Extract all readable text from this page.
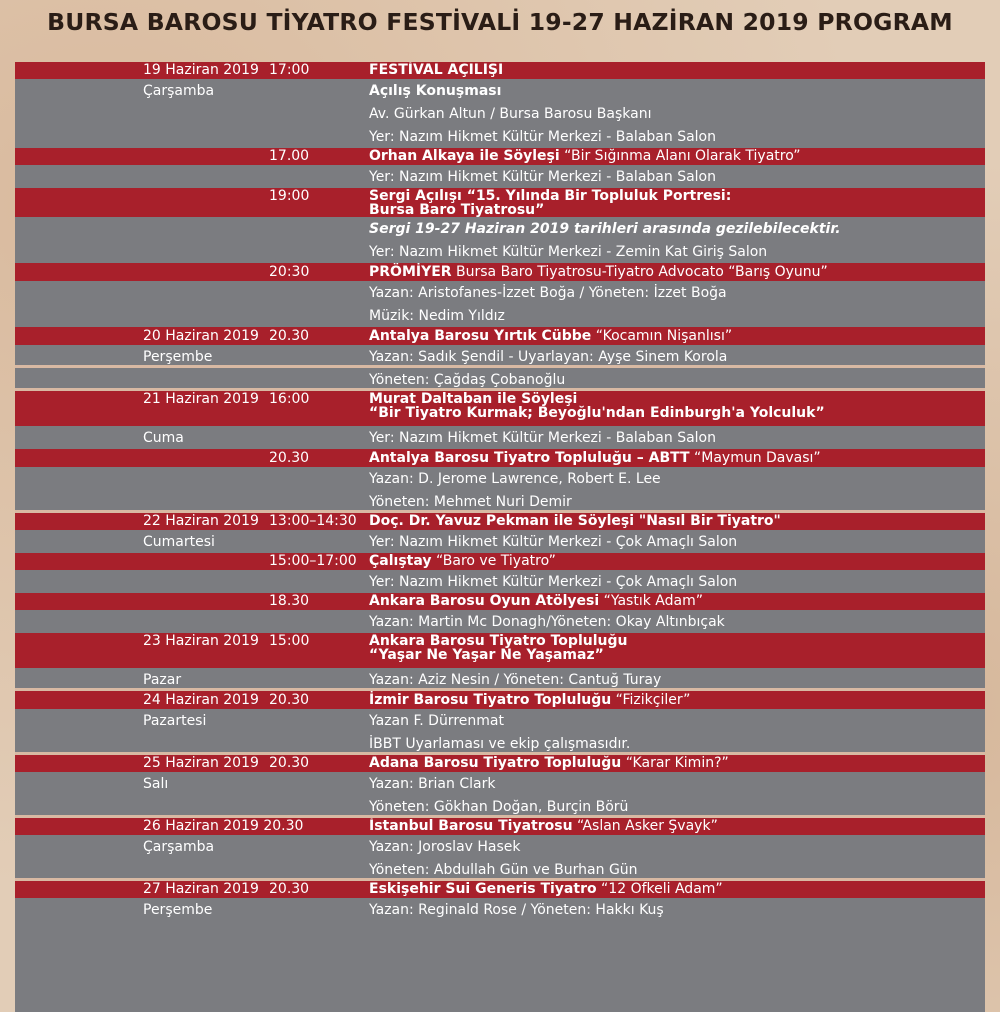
BURSA BAROSU TİYATRO FESTİVALİ 19-27 HAZİRAN 2019 PROGRAM
19 Haziran 2019 17:00	FESTİVAL AÇILIŞI
Çarşamba	Açılış Konuşması
Av. Gürkan Altun / Bursa Barosu Başkanı
Yer: Nazım Hikmet Kültür Merkezi - Balaban Salon
17.00	Orhan Alkaya ile Söyleşi “Bir Sığınma Alanı Olarak Tiyatro”
Yer: Nazım Hikmet Kültür Merkezi - Balaban Salon
19:00	Sergi Açılışı “15. Yılında Bir Topluluk Portresi:
Bursa Baro Tiyatrosu”
Sergi 19-27 Haziran 2019 tarihleri arasında gezilebilecektir.
Yer: Nazım Hikmet Kültür Merkezi - Zemin Kat Giriş Salon
20:30	PRÖMİYER Bursa Baro Tiyatrosu-Tiyatro Advocato “Barış Oyunu”
Yazan: Aristofanes-İzzet Boğa / Yöneten: İzzet Boğa
Müzik: Nedim Yıldız
20 Haziran 2019 20.30	Antalya Barosu Yırtık Cübbe “Kocamın Nişanlısı”
Perşembe	Yazan: Sadık Şendil - Uyarlayan: Ayşe Sinem Korola
Yöneten: Çağdaş Çobanoğlu
21 Haziran 2019 16:00	Murat Daltaban ile Söyleşi
“Bir Tiyatro Kurmak; Beyoğlu'ndan Edinburgh'a Yolculuk”
Cuma	Yer: Nazım Hikmet Kültür Merkezi - Balaban Salon
20.30	Antalya Barosu Tiyatro Topluluğu – ABTT “Maymun Davası”
Yazan: D. Jerome Lawrence, Robert E. Lee
Yöneten: Mehmet Nuri Demir
22 Haziran 2019 13:00–14:30 Doç. Dr. Yavuz Pekman ile Söyleşi "Nasıl Bir Tiyatro"
Cumartesi	Yer: Nazım Hikmet Kültür Merkezi - Çok Amaçlı Salon
15:00–17:00 Çalıştay “Baro ve Tiyatro”
Yer: Nazım Hikmet Kültür Merkezi - Çok Amaçlı Salon
18.30	Ankara Barosu Oyun Atölyesi “Yastık Adam”
Yazan: Martin Mc Donagh/Yöneten: Okay Altınbıçak
23 Haziran 2019 15:00	Ankara Barosu Tiyatro Topluluğu
“Yaşar Ne Yaşar Ne Yaşamaz”
Pazar	Yazan: Aziz Nesin / Yöneten: Cantuğ Turay
24 Haziran 2019 20.30	İzmir Barosu Tiyatro Topluluğu “Fizikçiler”
Pazartesi	Yazan F. Dürrenmat
İBBT Uyarlaması ve ekip çalışmasıdır.
25 Haziran 2019 20.30	Adana Barosu Tiyatro Topluluğu “Karar Kimin?”
Salı	Yazan: Brian Clark
Yöneten: Gökhan Doğan, Burçin Börü
26 Haziran 2019 20.30	İstanbul Barosu Tiyatrosu “Aslan Asker Şvayk”
Çarşamba	Yazan: Joroslav Hasek
Yöneten: Abdullah Gün ve Burhan Gün
27 Haziran 2019 20.30	Eskişehir Sui Generis Tiyatro “12 Öfkeli Adam”
Perşembe	Yazan: Reginald Rose / Yöneten: Hakkı Kuş
